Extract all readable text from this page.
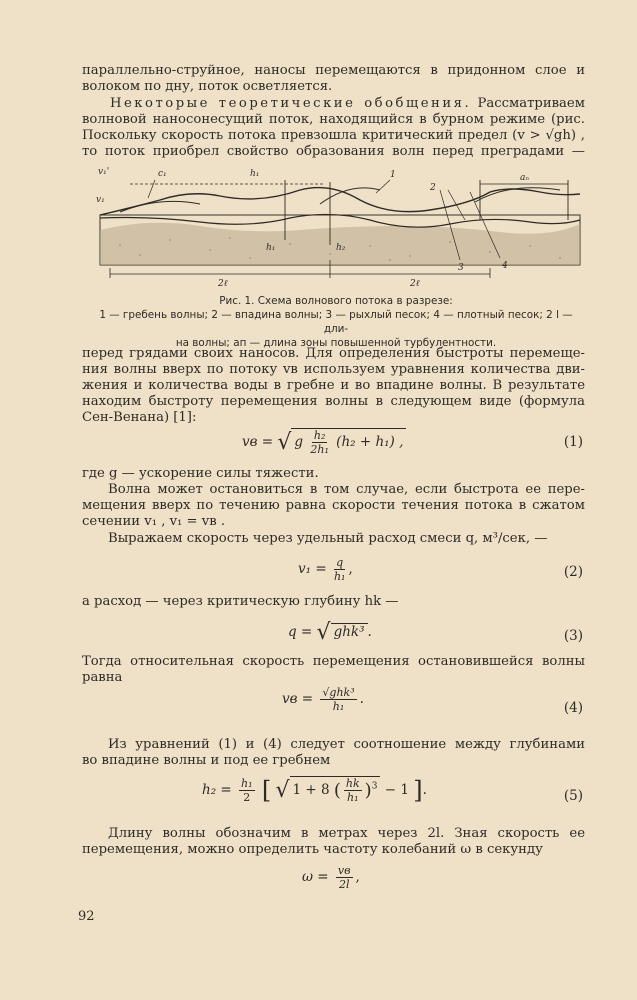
параллельно-струйное, наносы перемещаются в придонном слое и
волоком по дну, поток осветляется.
Некоторые теоретические обобщения. Рассматриваем
волновой наносонесущий поток, находящийся в бурном режиме (рис.
Поскольку скорость потока превзошла критический предел (v > √gh) ,
то поток приобрел свойство образования волн перед преградами —
v₁'	c₁
v₁
h₁
h₁	h₂
2
1
3	4
aₙ
2ℓ	2ℓ
Рис. 1. Схема волнового потока в разрезе:
1 — гребень волны; 2 — впадина волны; 3 — рыхлый песок; 4 — плотный песок; 2 l — дли-
на волны; aп — длина зоны повышенной турбулентности.
перед грядами своих наносов. Для определения быстроты перемеще-
ния волны вверх по потоку vв используем уравнения количества дви-
жения и количества воды в гребне и во впадине волны. В результате
находим быстроту перемещения волны в следующем виде (формула
Сен-Венана) [1]:
vв = √ g $\frac{\text{h₂}}{\text{2h₁}} (h_2 + h_1)$ ,	(1)
где g — ускорение силы тяжести.
Волна может остановиться в том случае, если быстрота ее пере-
мещения вверх по течению равна скорости течения потока в сжатом
сечении v₁ , v₁ = vв .
Выражаем скорость через удельный расход смеси q, м³/сек, —
$v_1 = \frac{q}{\text{h₁}}$ ,	(2)
а расход — через критическую глубину hk —
q = √ ghk³ .	(3)
Тогда относительная скорость перемещения остановившейся волны
равна
vв = $\frac{\text{√ghk³}}{\text{h₁}}$ .
(4)
Из уравнений (1) и (4) следует соотношение между глубинами
во впадине волны и под ее гребнем
$h_2 = \frac{\text{h₁}}{2}$ [ √ 1 + 8 ( $\frac{hk}{\text{h₁}} )^3 - 1$ ].	(5)
Длину волны обозначим в метрах через 2l. Зная скорость ее
перемещения, можно определить частоту колебаний ω в секунду
$\omega = \frac{vв}{2l}$ ,
92
